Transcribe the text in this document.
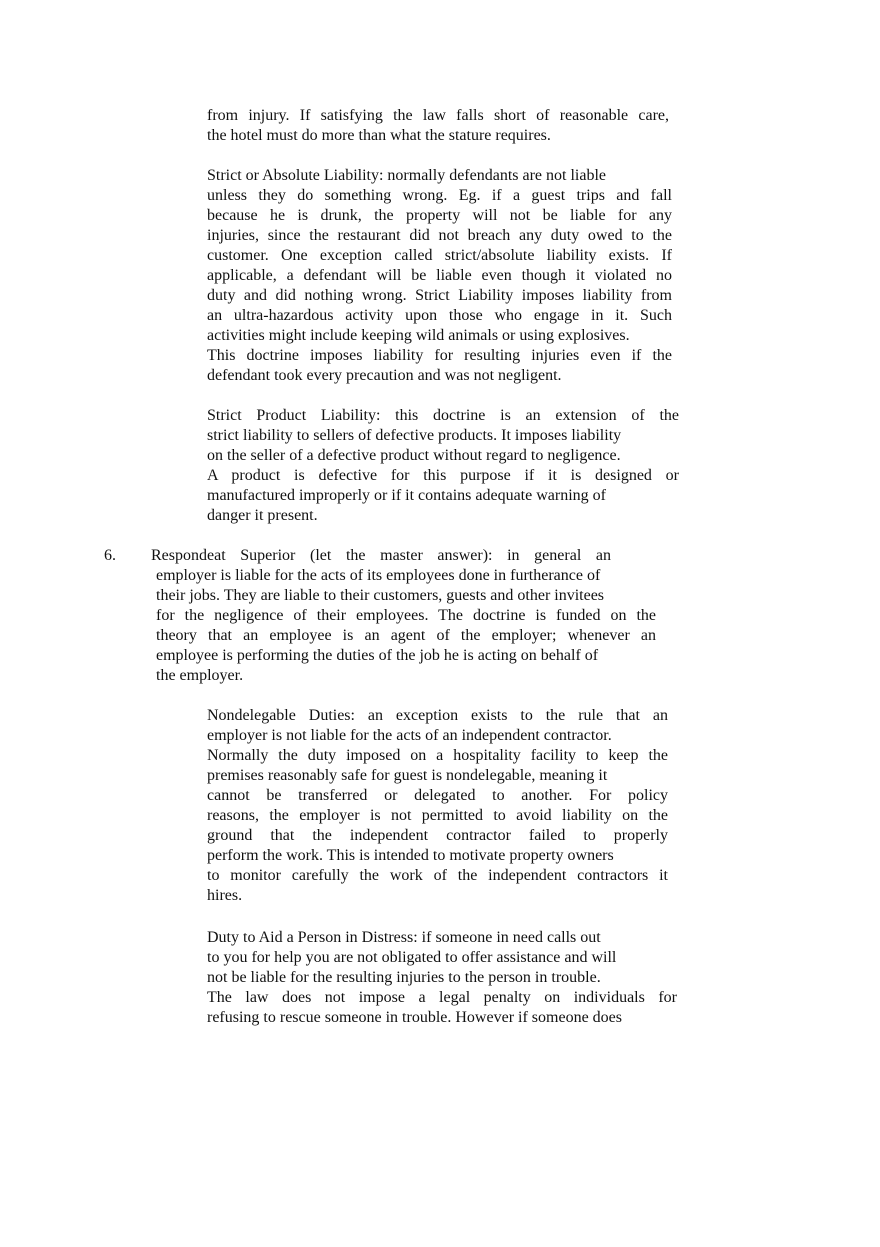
from injury. If satisfying the law falls short of reasonable care,
the hotel must do more than what the stature requires.
Strict or Absolute Liability: normally defendants are not liable
unless they do something wrong. Eg. if a guest trips and fall
because he is drunk, the property will not be liable for any
injuries, since the restaurant did not breach any duty owed to the
customer. One exception called strict/absolute liability exists. If
applicable, a defendant will be liable even though it violated no
duty and did nothing wrong. Strict Liability imposes liability from
an ultra-hazardous activity upon those who engage in it. Such
activities might include keeping wild animals or using explosives.
This doctrine imposes liability for resulting injuries even if the
defendant took every precaution and was not negligent.
Strict Product Liability: this doctrine is an extension of the
strict liability to sellers of defective products. It imposes liability
on the seller of a defective product without regard to negligence.
A product is defective for this purpose if it is designed or
manufactured improperly or if it contains adequate warning of
danger it present.
6. Respondeat Superior (let the master answer): in general an
employer is liable for the acts of its employees done in furtherance of
their jobs. They are liable to their customers, guests and other invitees
for the negligence of their employees. The doctrine is funded on the
theory that an employee is an agent of the employer; whenever an
employee is performing the duties of the job he is acting on behalf of
the employer.
Nondelegable Duties: an exception exists to the rule that an
employer is not liable for the acts of an independent contractor.
Normally the duty imposed on a hospitality facility to keep the
premises reasonably safe for guest is nondelegable, meaning it
cannot be transferred or delegated to another. For policy
reasons, the employer is not permitted to avoid liability on the
ground that the independent contractor failed to properly
perform the work. This is intended to motivate property owners
to monitor carefully the work of the independent contractors it
hires.
Duty to Aid a Person in Distress: if someone in need calls out
to you for help you are not obligated to offer assistance and will
not be liable for the resulting injuries to the person in trouble.
The law does not impose a legal penalty on individuals for
refusing to rescue someone in trouble. However if someone does
